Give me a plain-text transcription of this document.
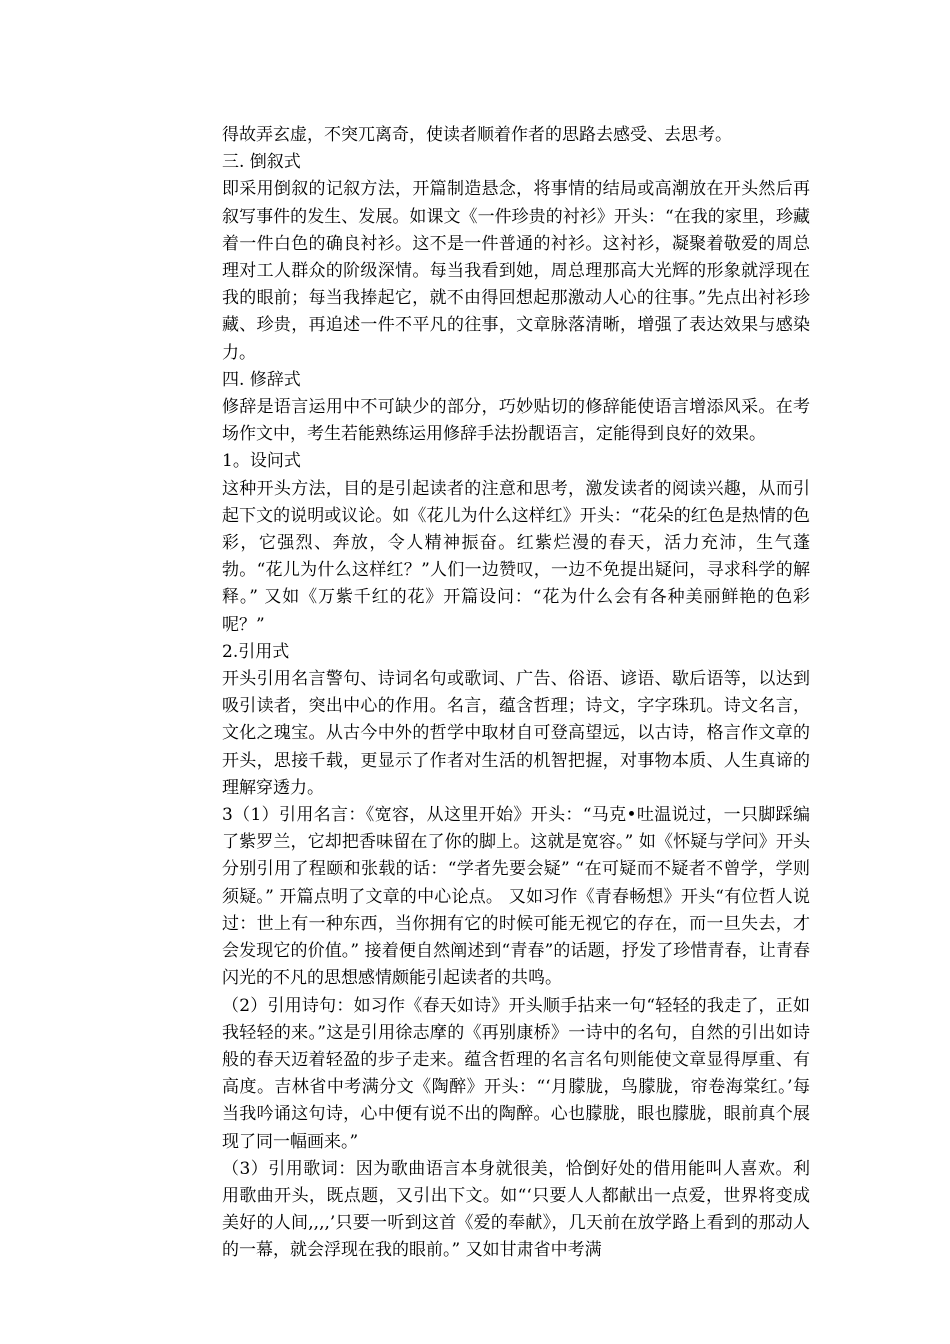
得故弄玄虚，不突兀离奇，使读者顺着作者的思路去感受、去思考。

三. 倒叙式

即采用倒叙的记叙方法，开篇制造悬念，将事情的结局或高潮放在开头然后再叙写事件的发生、发展。如课文《一件珍贵的衬衫》开头：“在我的家里，珍藏着一件白色的确良衬衫。这不是一件普通的衬衫。这衬衫，凝聚着敬爱的周总理对工人群众的阶级深情。每当我看到她，周总理那高大光辉的形象就浮现在我的眼前；每当我捧起它，就不由得回想起那激动人心的往事。”先点出衬衫珍藏、珍贵，再追述一件不平凡的往事，文章脉落清晰，增强了表达效果与感染力。

四. 修辞式

修辞是语言运用中不可缺少的部分，巧妙贴切的修辞能使语言增添风采。在考场作文中，考生若能熟练运用修辞手法扮靓语言，定能得到良好的效果。

1。设问式

这种开头方法，目的是引起读者的注意和思考，激发读者的阅读兴趣，从而引起下文的说明或议论。如《花儿为什么这样红》开头：“花朵的红色是热情的色彩，它强烈、奔放，令人精神振奋。红紫烂漫的春天，活力充沛，生气蓬勃。“花儿为什么这样红？”人们一边赞叹，一边不免提出疑问，寻求科学的解释。” 又如《万紫千红的花》开篇设问：“花为什么会有各种美丽鲜艳的色彩呢？”

2.引用式

开头引用名言警句、诗词名句或歌词、广告、俗语、谚语、歇后语等，以达到吸引读者，突出中心的作用。名言，蕴含哲理；诗文，字字珠玑。诗文名言，文化之瑰宝。从古今中外的哲学中取材自可登高望远，以古诗，格言作文章的开头，思接千载，更显示了作者对生活的机智把握，对事物本质、人生真谛的理解穿透力。

3（1）引用名言：《宽容，从这里开始》开头：“马克•吐温说过，一只脚踩编了紫罗兰，它却把香味留在了你的脚上。这就是宽容。” 如《怀疑与学问》开头分别引用了程颐和张载的话：“学者先要会疑” “在可疑而不疑者不曾学，学则须疑。” 开篇点明了文章的中心论点。 又如习作《青春畅想》开头“有位哲人说过：世上有一种东西，当你拥有它的时候可能无视它的存在，而一旦失去，才会发现它的价值。” 接着便自然阐述到“青春”的话题，抒发了珍惜青春，让青春闪光的不凡的思想感情颇能引起读者的共鸣。

（2）引用诗句：如习作《春天如诗》开头顺手拈来一句“轻轻的我走了，正如我轻轻的来。”这是引用徐志摩的《再别康桥》一诗中的名句，自然的引出如诗般的春天迈着轻盈的步子走来。蕴含哲理的名言名句则能使文章显得厚重、有高度。吉林省中考满分文《陶醉》开头：“‘月朦胧，鸟朦胧，帘卷海棠红。’每当我吟诵这句诗，心中便有说不出的陶醉。心也朦胧，眼也朦胧，眼前真个展现了同一幅画来。”

（3）引用歌词：因为歌曲语言本身就很美，恰倒好处的借用能叫人喜欢。利用歌曲开头，既点题，又引出下文。如“‘只要人人都献出一点爱，世界将变成美好的人间,,,,’只要一听到这首《爱的奉献》，几天前在放学路上看到的那动人的一幕，就会浮现在我的眼前。” 又如甘肃省中考满
